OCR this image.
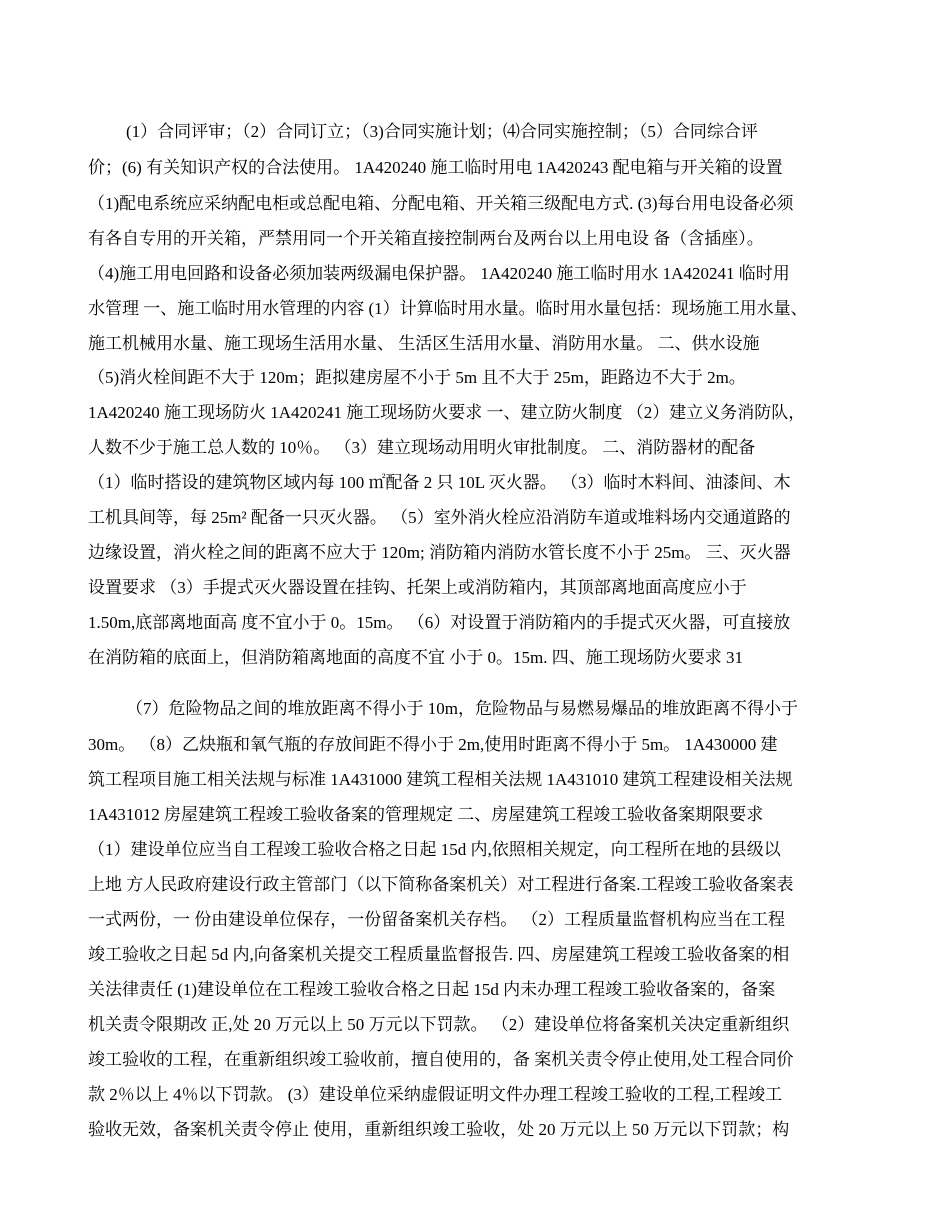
(1）合同评审；（2）合同订立；（3)合同实施计划；⑷合同实施控制；（5）合同综合评
价；(6) 有关知识产权的合法使用。 1A420240 施工临时用电 1A420243 配电箱与开关箱的设置
（1)配电系统应采纳配电柜或总配电箱、分配电箱、开关箱三级配电方式. (3)每台用电设备必须
有各自专用的开关箱，严禁用同一个开关箱直接控制两台及两台以上用电设 备（含插座）。
（4)施工用电回路和设备必须加装两级漏电保护器。 1A420240 施工临时用水 1A420241 临时用
水管理 一、施工临时用水管理的内容 (1）计算临时用水量。临时用水量包括：现场施工用水量、
施工机械用水量、施工现场生活用水量、 生活区生活用水量、消防用水量。 二、供水设施
（5)消火栓间距不大于 120m；距拟建房屋不小于 5m 且不大于 25m，距路边不大于 2m。
1A420240 施工现场防火 1A420241 施工现场防火要求 一、建立防火制度 （2）建立义务消防队，
人数不少于施工总人数的 10％。 （3）建立现场动用明火审批制度。 二、消防器材的配备
（1）临时搭设的建筑物区域内每 100 ㎡配备 2 只 10L 灭火器。 （3）临时木料间、油漆间、木
工机具间等，每 25m² 配备一只灭火器。 （5）室外消火栓应沿消防车道或堆料场内交通道路的
边缘设置，消火栓之间的距离不应大于 120m; 消防箱内消防水管长度不小于 25m。 三、灭火器
设置要求 （3）手提式灭火器设置在挂钩、托架上或消防箱内，其顶部离地面高度应小于
1.50m,底部离地面高 度不宜小于 0。15m。 （6）对设置于消防箱内的手提式灭火器，可直接放
在消防箱的底面上，但消防箱离地面的高度不宜 小于 0。15m. 四、施工现场防火要求 31
（7）危险物品之间的堆放距离不得小于 10m，危险物品与易燃易爆品的堆放距离不得小于
30m。 （8）乙炔瓶和氧气瓶的存放间距不得小于 2m,使用时距离不得小于 5m。 1A430000 建
筑工程项目施工相关法规与标准 1A431000 建筑工程相关法规 1A431010 建筑工程建设相关法规
1A431012 房屋建筑工程竣工验收备案的管理规定 二、房屋建筑工程竣工验收备案期限要求
（1）建设单位应当自工程竣工验收合格之日起 15d 内,依照相关规定，向工程所在地的县级以
上地 方人民政府建设行政主管部门（以下简称备案机关）对工程进行备案.工程竣工验收备案表
一式两份，一 份由建设单位保存，一份留备案机关存档。 （2）工程质量监督机构应当在工程
竣工验收之日起 5d 内,向备案机关提交工程质量监督报告. 四、房屋建筑工程竣工验收备案的相
关法律责任 (1)建设单位在工程竣工验收合格之日起 15d 内未办理工程竣工验收备案的，备案
机关责令限期改 正,处 20 万元以上 50 万元以下罚款。 （2）建设单位将备案机关决定重新组织
竣工验收的工程，在重新组织竣工验收前，擅自使用的，备 案机关责令停止使用,处工程合同价
款 2％以上 4％以下罚款。 (3）建设单位采纳虚假证明文件办理工程竣工验收的工程,工程竣工
验收无效，备案机关责令停止 使用，重新组织竣工验收，处 20 万元以上 50 万元以下罚款；构
